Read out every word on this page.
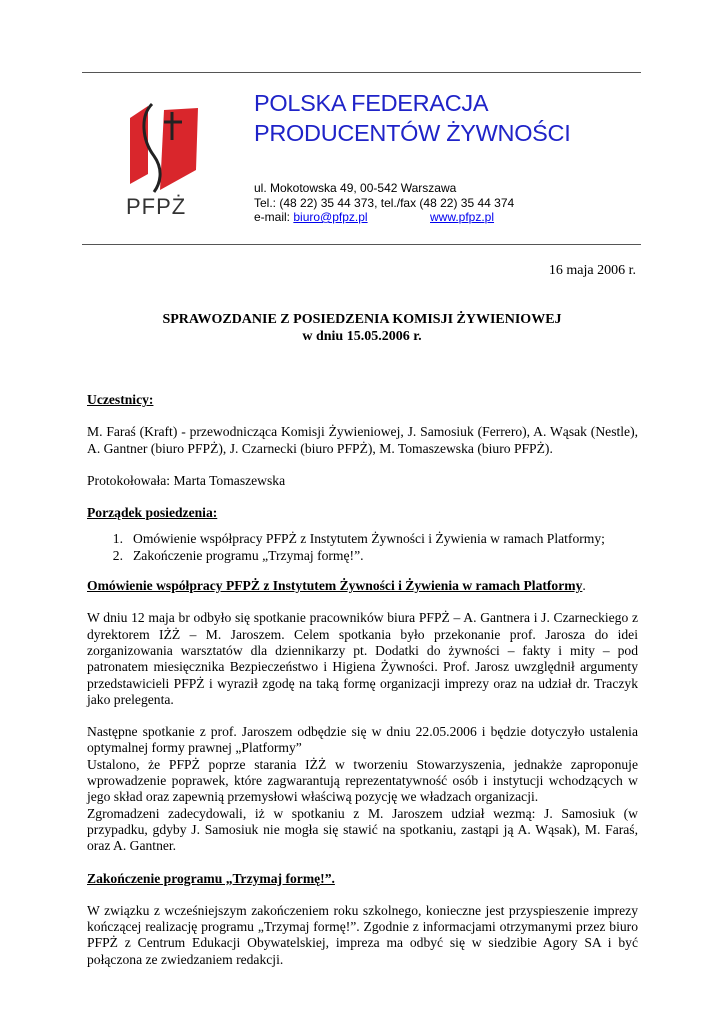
PFPŻ
POLSKA FEDERACJA
PRODUCENTÓW ŻYWNOŚCI
ul. Mokotowska 49, 00-542 Warszawa
Tel.: (48 22) 35 44 373, tel./fax (48 22) 35 44 374
e-mail: biuro@pfpz.pl	www.pfpz.pl
16 maja 2006 r.
SPRAWOZDANIE Z POSIEDZENIA KOMISJI ŻYWIENIOWEJ
w dniu 15.05.2006 r.

Uczestnicy:

M. Faraś (Kraft) - przewodnicząca Komisji Żywieniowej, J. Samosiuk (Ferrero), A. Wąsak (Nestle), A. Gantner (biuro PFPŻ), J. Czarnecki (biuro PFPŻ), M. Tomaszewska (biuro PFPŻ).

Protokołowała: Marta Tomaszewska

Porządek posiedzenia:

1. Omówienie współpracy PFPŻ z Instytutem Żywności i Żywienia w ramach Platformy;
2. Zakończenie programu „Trzymaj formę!”.

Omówienie współpracy PFPŻ z Instytutem Żywności i Żywienia w ramach Platformy.

W dniu 12 maja br odbyło się spotkanie pracowników biura PFPŻ – A. Gantnera i J. Czarneckiego z dyrektorem IŻŻ – M. Jaroszem. Celem spotkania było przekonanie prof. Jarosza do idei zorganizowania warsztatów dla dziennikarzy pt. Dodatki do żywności – fakty i mity – pod patronatem miesięcznika Bezpieczeństwo i Higiena Żywności. Prof. Jarosz uwzględnił argumenty przedstawicieli PFPŻ i wyraził zgodę na taką formę organizacji imprezy oraz na udział dr. Traczyk jako prelegenta.

Następne spotkanie z prof. Jaroszem odbędzie się w dniu 22.05.2006 i będzie dotyczyło ustalenia optymalnej formy prawnej „Platformy”
Ustalono, że PFPŻ poprze starania IŻŻ w tworzeniu Stowarzyszenia, jednakże zaproponuje wprowadzenie poprawek, które zagwarantują reprezentatywność osób i instytucji wchodzących w jego skład oraz zapewnią przemysłowi właściwą pozycję we władzach organizacji.
Zgromadzeni zadecydowali, iż w spotkaniu z M. Jaroszem udział wezmą: J. Samosiuk (w przypadku, gdyby J. Samosiuk nie mogła się stawić na spotkaniu, zastąpi ją A. Wąsak), M. Faraś, oraz A. Gantner.

Zakończenie programu „Trzymaj formę!”.

W związku z wcześniejszym zakończeniem roku szkolnego, konieczne jest przyspieszenie imprezy kończącej realizację programu „Trzymaj formę!”. Zgodnie z informacjami otrzymanymi przez biuro PFPŻ z Centrum Edukacji Obywatelskiej, impreza ma odbyć się w siedzibie Agory SA i być połączona ze zwiedzaniem redakcji.
